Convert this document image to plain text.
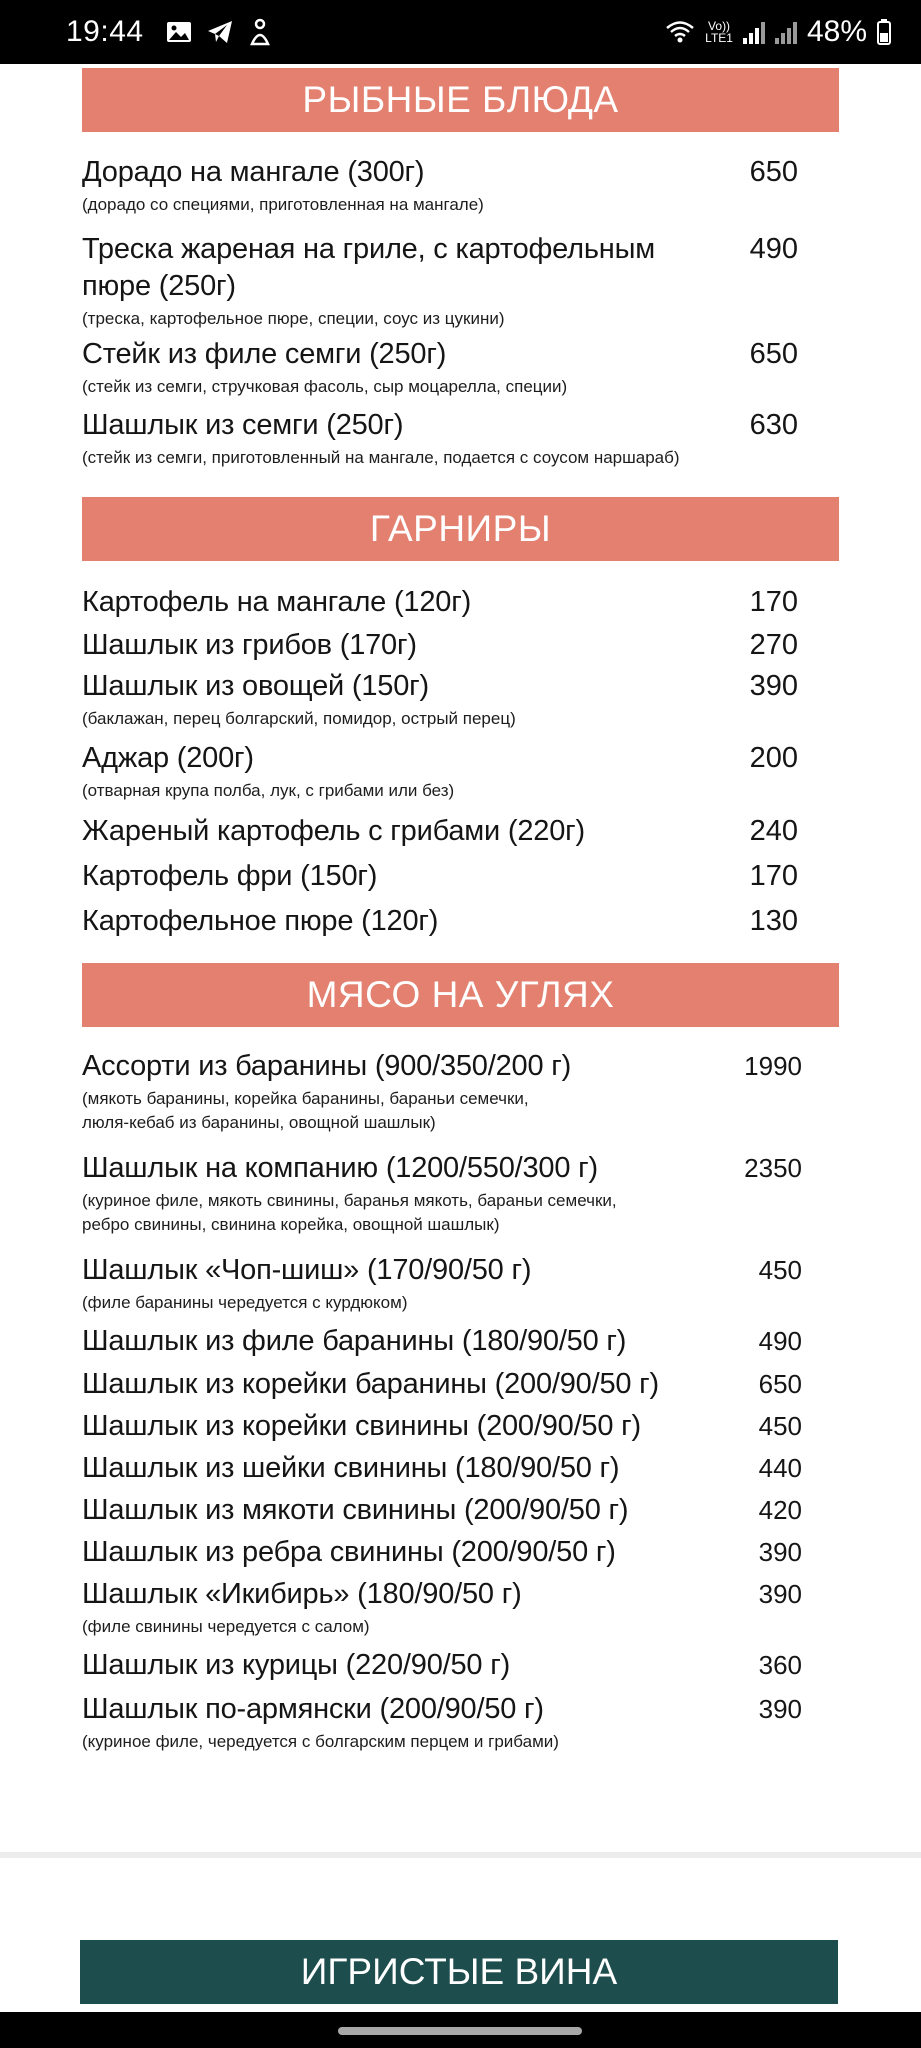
19:44	Vo))
LTE1 48%
РЫБНЫЕ БЛЮДА
Дорадо на мангале (300г)
(дорадо со специями, приготовленная на мангале)
650
Треска жареная на гриле, с картофельным пюре (250г)
(треска, картофельное пюре, специи, соус из цукини)
490
Стейк из филе семги (250г)
(стейк из семги, стручковая фасоль, сыр моцарелла, специи)
650
Шашлык из семги (250г)
(стейк из семги, приготовленный на мангале, подается с соусом наршараб)
630
ГАРНИРЫ
Картофель на мангале (120г)	170
Шашлык из грибов (170г)	270
Шашлык из овощей (150г)
(баклажан, перец болгарский, помидор, острый перец)
390
Аджар (200г)
(отварная крупа полба, лук, с грибами или без)
200
Жареный картофель с грибами (220г)	240
Картофель фри (150г)	170
Картофельное пюре (120г)	130
МЯСО НА УГЛЯХ
Ассорти из баранины (900/350/200 г)
(мякоть баранины, корейка баранины, бараньи семечки,
люля-кебаб из баранины, овощной шашлык)
1990
Шашлык на компанию (1200/550/300 г)
(куриное филе, мякоть свинины, баранья мякоть, бараньи семечки,
ребро свинины, свинина корейка, овощной шашлык)
2350
Шашлык «Чоп-шиш» (170/90/50 г)
(филе баранины чередуется с курдюком)
450
Шашлык из филе баранины (180/90/50 г)	490
Шашлык из корейки баранины (200/90/50 г)	650
Шашлык из корейки свинины (200/90/50 г)	450
Шашлык из шейки свинины (180/90/50 г)	440
Шашлык из мякоти свинины (200/90/50 г)	420
Шашлык из ребра свинины (200/90/50 г)	390
Шашлык «Икибирь» (180/90/50 г)
(филе свинины чередуется с салом)
390
Шашлык из курицы (220/90/50 г)	360
Шашлык по-армянски (200/90/50 г)
(куриное филе, чередуется с болгарским перцем и грибами)
390
ИГРИСТЫЕ ВИНА
